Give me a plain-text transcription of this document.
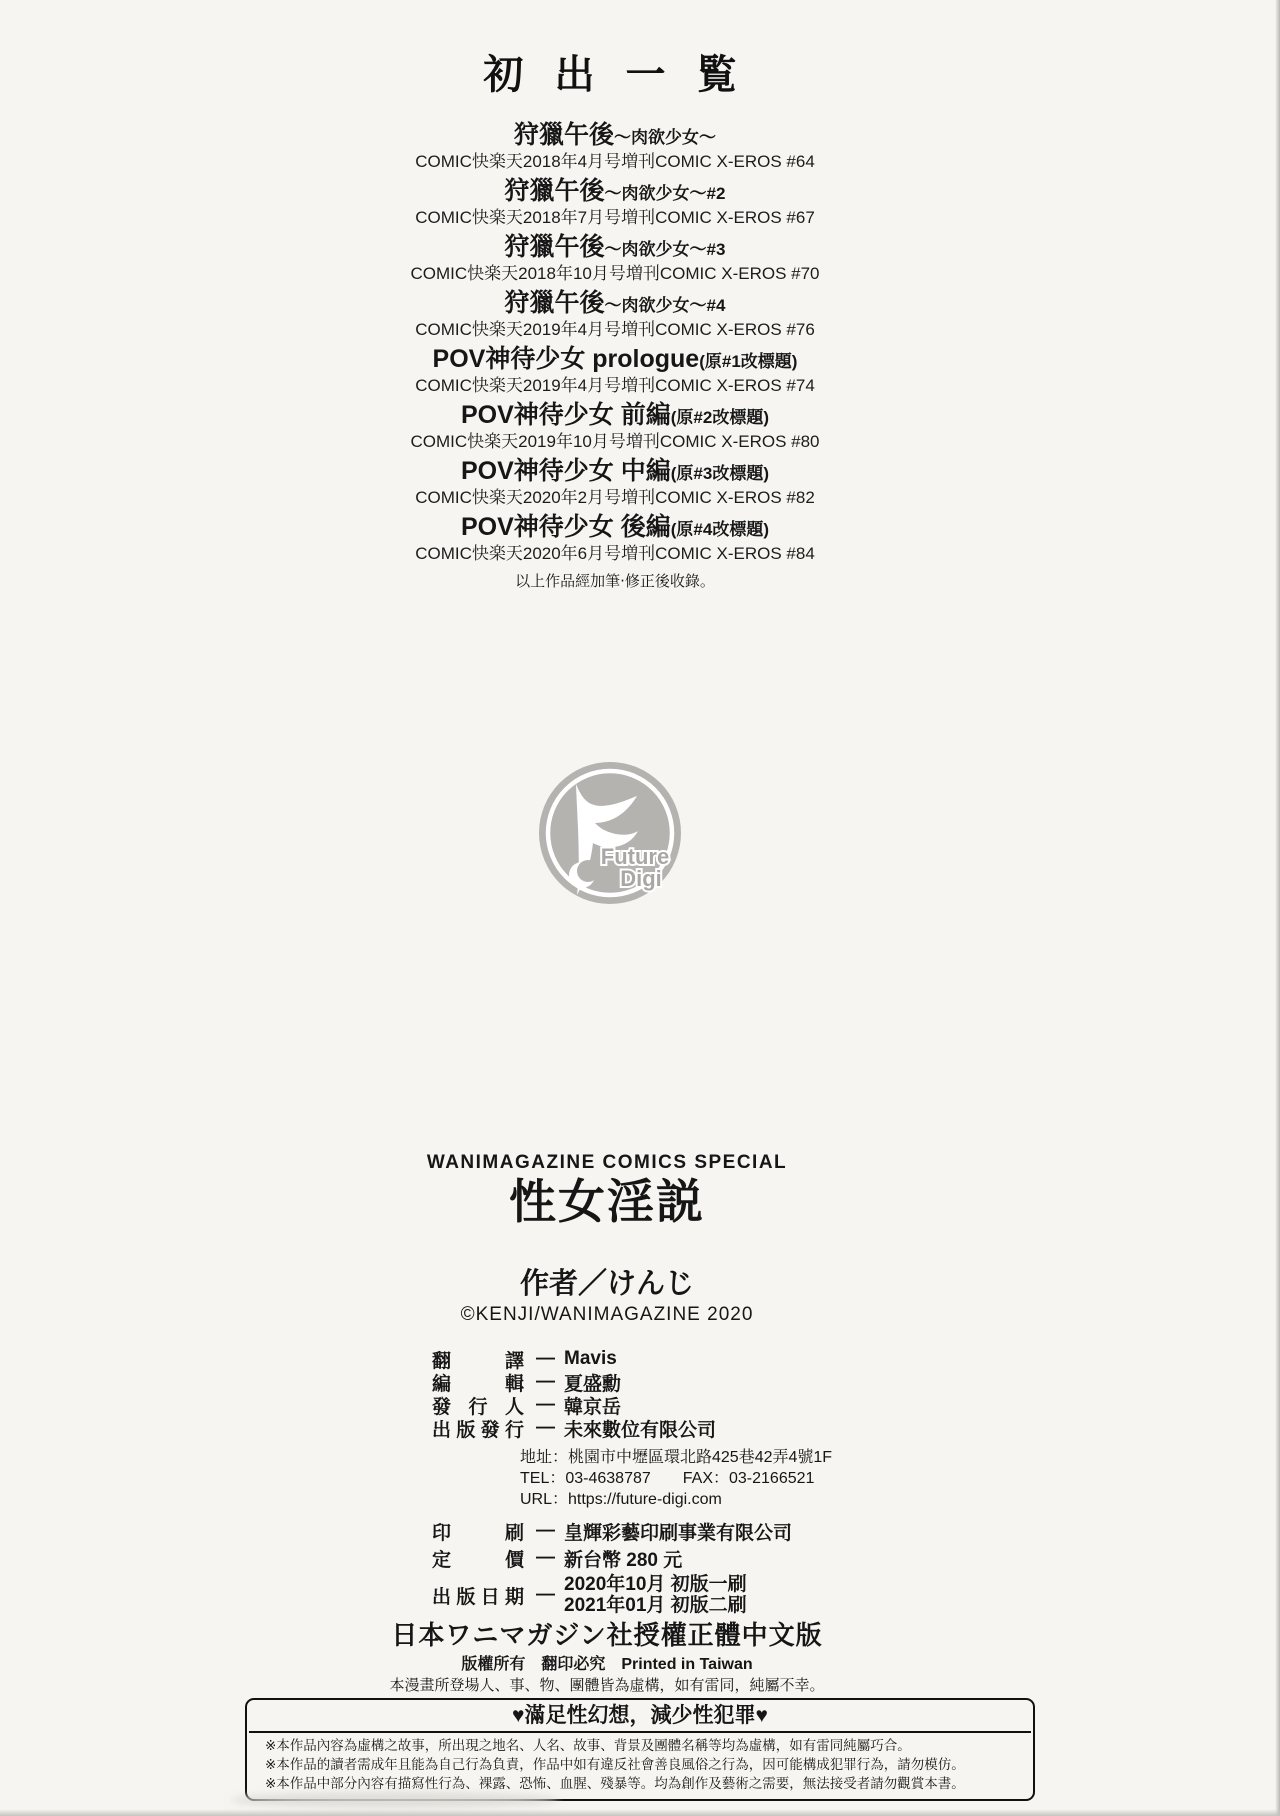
初 出 一 覧
狩獵午後～肉欲少女～
COMIC快楽天2018年4月号増刊COMIC X-EROS #64
狩獵午後～肉欲少女～#2
COMIC快楽天2018年7月号増刊COMIC X-EROS #67
狩獵午後～肉欲少女～#3
COMIC快楽天2018年10月号増刊COMIC X-EROS #70
狩獵午後～肉欲少女～#4
COMIC快楽天2019年4月号増刊COMIC X-EROS #76
POV神待少女 prologue(原#1改標題)
COMIC快楽天2019年4月号増刊COMIC X-EROS #74
POV神待少女 前編(原#2改標題)
COMIC快楽天2019年10月号増刊COMIC X-EROS #80
POV神待少女 中編(原#3改標題)
COMIC快楽天2020年2月号増刊COMIC X-EROS #82
POV神待少女 後編(原#4改標題)
COMIC快楽天2020年6月号増刊COMIC X-EROS #84
以上作品經加筆‧修正後收錄。
Future
Digi
WANIMAGAZINE COMICS SPECIAL
性女淫説
作者／けんじ
©KENJI/WANIMAGAZINE 2020
翻譯 — Mavis
編輯 — 夏盛勳
發行人 — 韓京岳
出版發行 — 未來數位有限公司
地址：桃園市中壢區環北路425巷42弄4號1F
TEL：03-4638787　　FAX：03-2166521
URL：https://future-digi.com
印刷 — 皇輝彩藝印刷事業有限公司
定價 — 新台幣 280 元
出版日期 — 2020年10月 初版一刷
2021年01月 初版二刷
日本ワニマガジン社授權正體中文版
版權所有　翻印必究　Printed in Taiwan
本漫畫所登場人、事、物、團體皆為虛構，如有雷同，純屬不幸。
♥滿足性幻想，減少性犯罪♥
※本作品內容為虛構之故事，所出現之地名、人名、故事、背景及團體名稱等均為虛構，如有雷同純屬巧合。
※本作品的讀者需成年且能為自己行為負責，作品中如有違反社會善良風俗之行為，因可能構成犯罪行為，請勿模仿。
※本作品中部分內容有描寫性行為、裸露、恐怖、血腥、殘暴等。均為創作及藝術之需要，無法接受者請勿觀賞本書。
